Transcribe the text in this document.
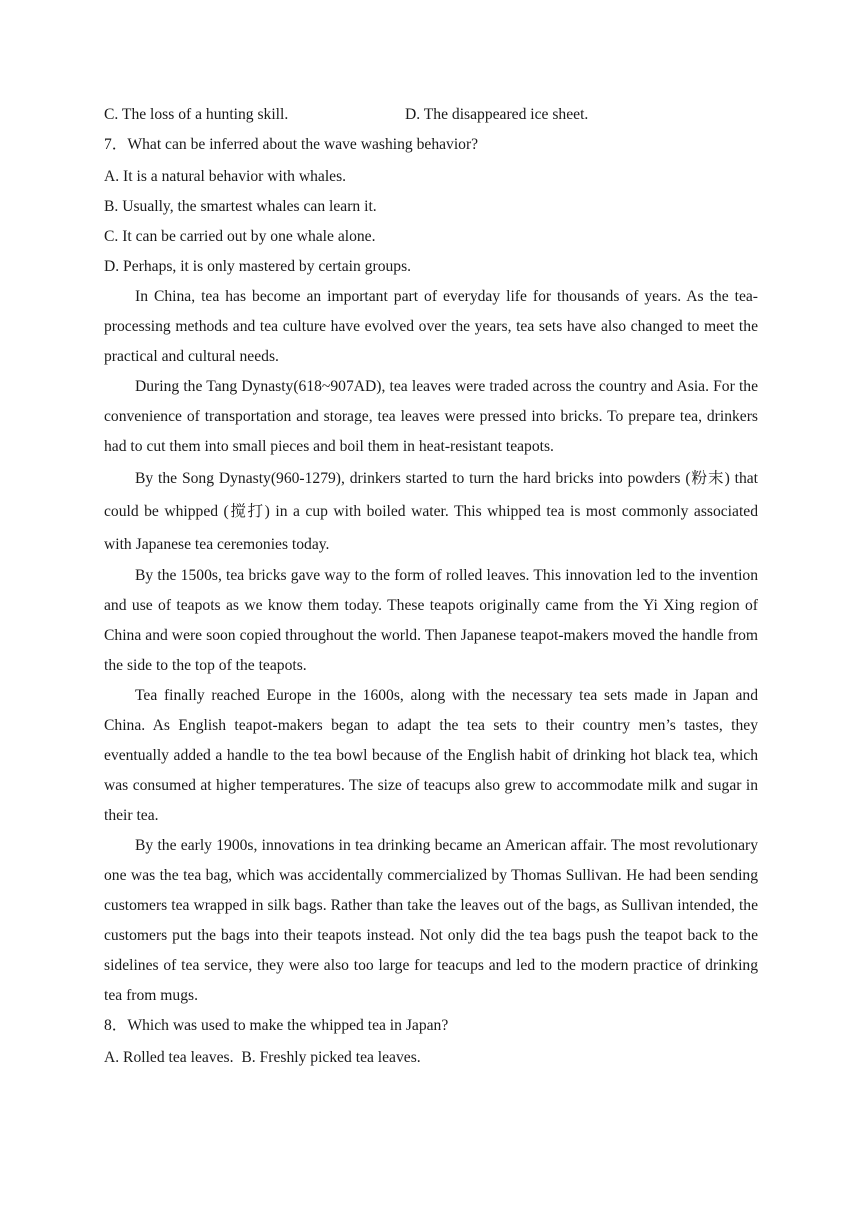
C. The loss of a hunting skill.	D. The disappeared ice sheet.
7．What can be inferred about the wave washing behavior?
A. It is a natural behavior with whales.
B. Usually, the smartest whales can learn it.
C. It can be carried out by one whale alone.
D. Perhaps, it is only mastered by certain groups.

In China, tea has become an important part of everyday life for thousands of years. As the tea-processing methods and tea culture have evolved over the years, tea sets have also changed to meet the practical and cultural needs.

During the Tang Dynasty(618~907AD), tea leaves were traded across the country and Asia. For the convenience of transportation and storage, tea leaves were pressed into bricks. To prepare tea, drinkers had to cut them into small pieces and boil them in heat-resistant teapots.

By the Song Dynasty(960-1279), drinkers started to turn the hard bricks into powders (粉末) that could be whipped (搅打) in a cup with boiled water. This whipped tea is most commonly associated with Japanese tea ceremonies today.

By the 1500s, tea bricks gave way to the form of rolled leaves. This innovation led to the invention and use of teapots as we know them today. These teapots originally came from the Yi Xing region of China and were soon copied throughout the world. Then Japanese teapot-makers moved the handle from the side to the top of the teapots.

Tea finally reached Europe in the 1600s, along with the necessary tea sets made in Japan and China. As English teapot-makers began to adapt the tea sets to their country men’s tastes, they eventually added a handle to the tea bowl because of the English habit of drinking hot black tea, which was consumed at higher temperatures. The size of teacups also grew to accommodate milk and sugar in their tea.

By the early 1900s, innovations in tea drinking became an American affair. The most revolutionary one was the tea bag, which was accidentally commercialized by Thomas Sullivan. He had been sending customers tea wrapped in silk bags. Rather than take the leaves out of the bags, as Sullivan intended, the customers put the bags into their teapots instead. Not only did the tea bags push the teapot back to the sidelines of tea service, they were also too large for teacups and led to the modern practice of drinking tea from mugs.

8．Which was used to make the whipped tea in Japan?
A. Rolled tea leaves. B. Freshly picked tea leaves.
